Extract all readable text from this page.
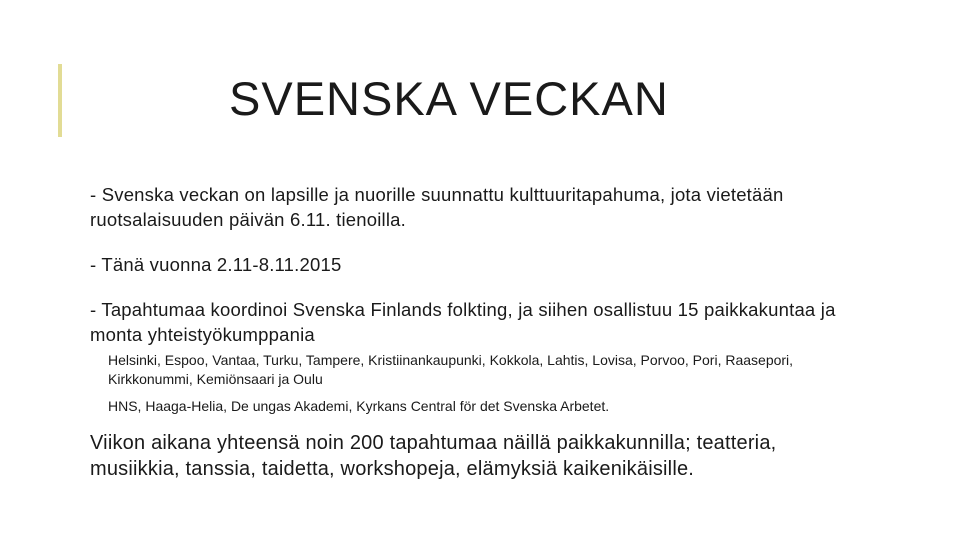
SVENSKA VECKAN

- Svenska veckan on lapsille ja nuorille suunnattu kulttuuritapahuma, jota vietetään ruotsalaisuuden päivän 6.11. tienoilla.

- Tänä vuonna 2.11-8.11.2015

- Tapahtumaa koordinoi Svenska Finlands folkting, ja siihen osallistuu 15 paikkakuntaa ja monta yhteistyökumppania

Helsinki, Espoo, Vantaa, Turku, Tampere, Kristiinankaupunki, Kokkola, Lahtis, Lovisa, Porvoo, Pori, Raasepori, Kirkkonummi, Kemiönsaari ja Oulu

HNS, Haaga-Helia, De ungas Akademi, Kyrkans Central för det Svenska Arbetet.

Viikon aikana yhteensä noin 200 tapahtumaa näillä paikkakunnilla; teatteria, musiikkia, tanssia, taidetta, workshopeja, elämyksiä kaikenikäisille.
